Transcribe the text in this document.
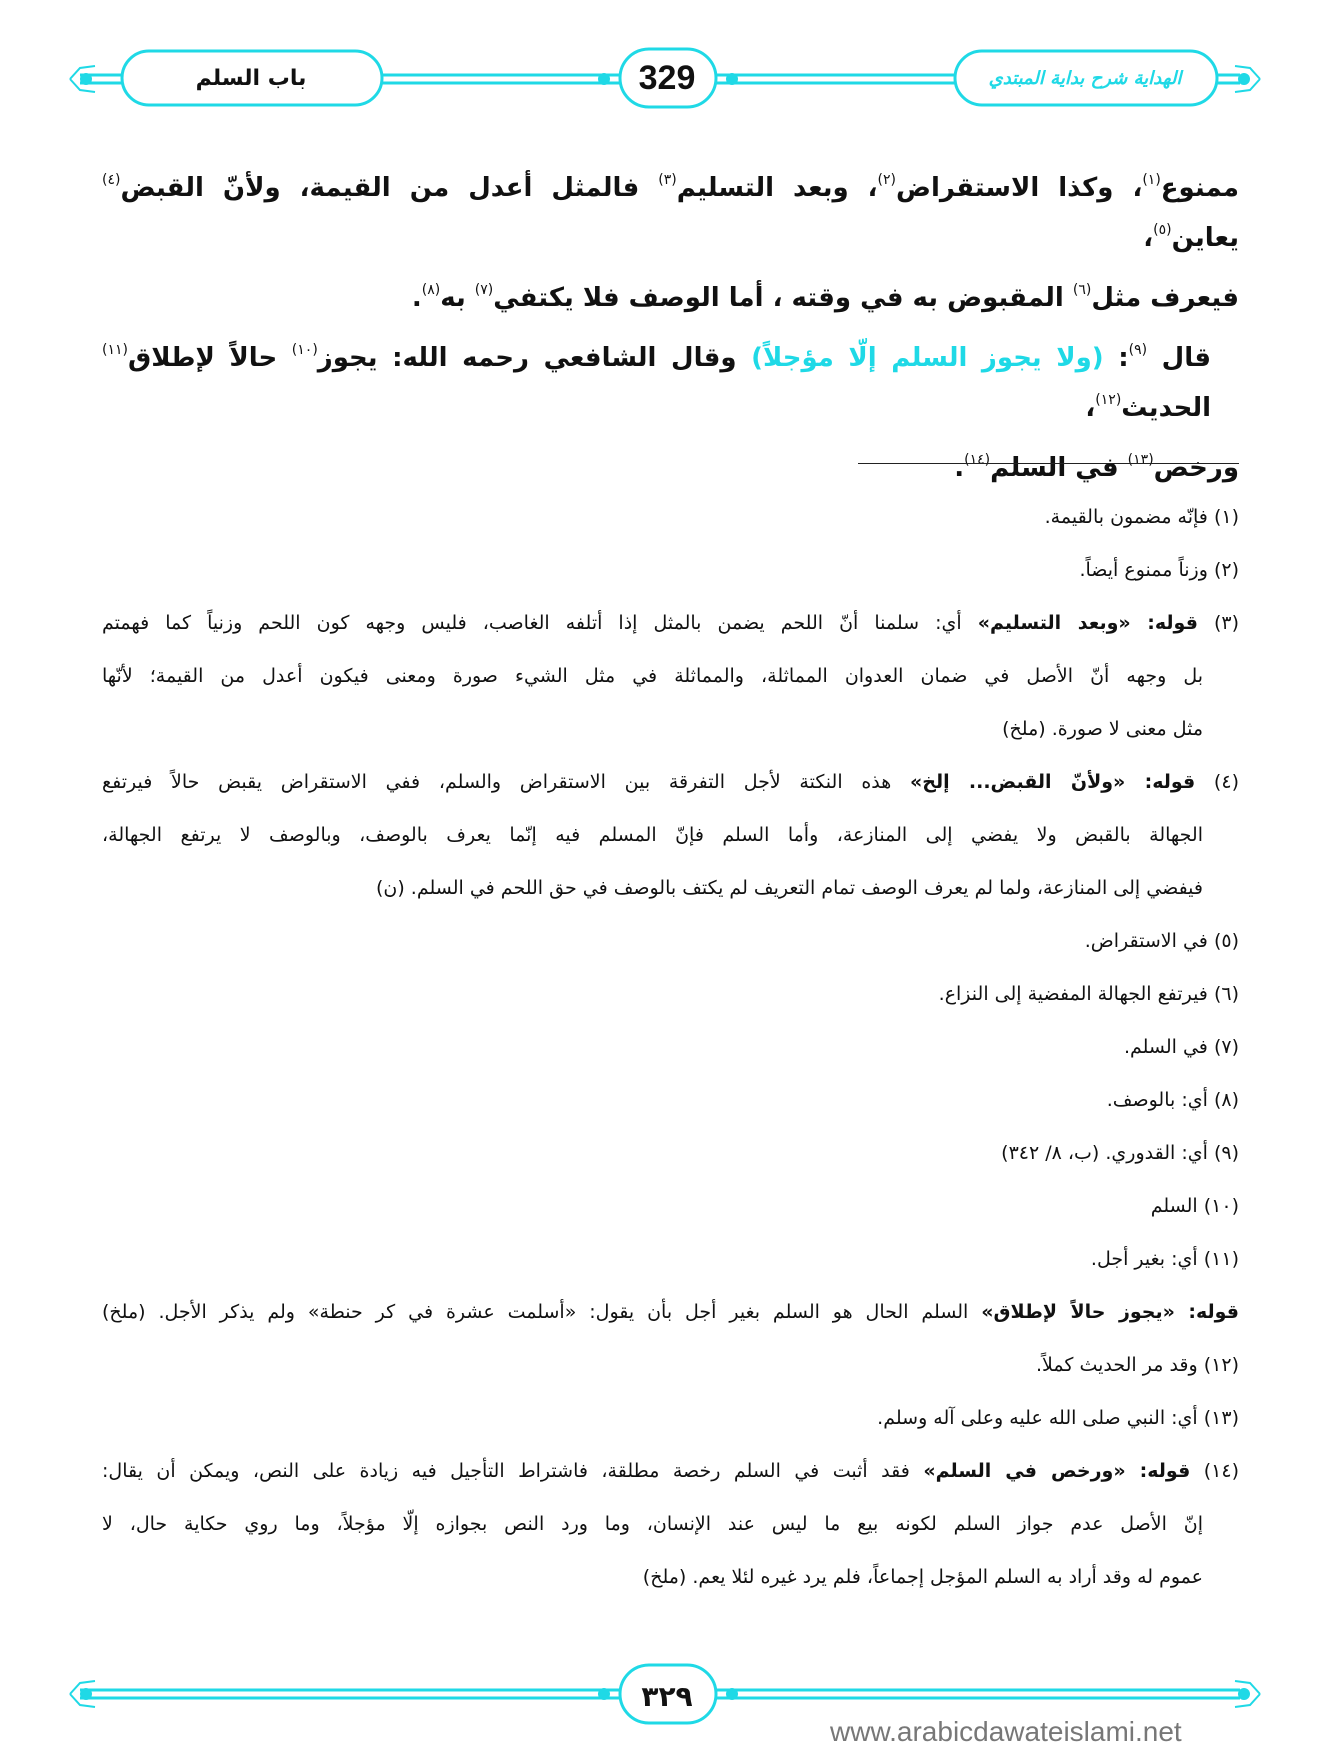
باب السلم	329	الهداية شرح بداية المبتدي
ممنوع$^{(١)}$، وكذا الاستقراض$^{(٢)}$، وبعد التسليم$^{(٣)}$ فالمثل أعدل من القيمة، ولأنّ القبض$^{(٤)}$ يعاين$^{(٥)}$،
فيعرف مثل$^{(٦)}$ المقبوض به في وقته ، أما الوصف فلا يكتفي$^{(٧)}$ به$^{(٨)}$.
قال $^{(٩)}$: (ولا يجوز السلم إلّا مؤجلاً) وقال الشافعي رحمه الله: يجوز$^{(١٠)}$ حالاً لإطلاق$^{(١١)}$ الحديث$^{(١٢)}$،
ورخص$^{(١٣)}$ في السلم$^{(١٤)}$.
(١) فإنّه مضمون بالقيمة.
(٢) وزناً ممنوع أيضاً.
(٣) قوله: «وبعد التسليم» أي: سلمنا أنّ اللحم يضمن بالمثل إذا أتلفه الغاصب، فليس وجهه كون اللحم وزنياً كما فهمتم
بل وجهه أنّ الأصل في ضمان العدوان المماثلة، والمماثلة في مثل الشيء صورة ومعنى فيكون أعدل من القيمة؛ لأنّها
مثل معنى لا صورة. (ملخ)
(٤) قوله: «ولأنّ القبض... إلخ» هذه النكتة لأجل التفرقة بين الاستقراض والسلم، ففي الاستقراض يقبض حالاً فيرتفع
الجهالة بالقبض ولا يفضي إلى المنازعة، وأما السلم فإنّ المسلم فيه إنّما يعرف بالوصف، وبالوصف لا يرتفع الجهالة،
فيفضي إلى المنازعة، ولما لم يعرف الوصف تمام التعريف لم يكتف بالوصف في حق اللحم في السلم. (ن)
(٥) في الاستقراض.
(٦) فيرتفع الجهالة المفضية إلى النزاع.
(٧) في السلم.
(٨) أي: بالوصف.
(٩) أي: القدوري. (ب، ٨/ ٣٤٢)
(١٠) السلم
(١١) أي: بغير أجل.
قوله: «يجوز حالاً لإطلاق» السلم الحال هو السلم بغير أجل بأن يقول: «أسلمت عشرة في كر حنطة» ولم يذكر الأجل. (ملخ)
(١٢) وقد مر الحديث كملاً.
(١٣) أي: النبي صلى الله عليه وعلى آله وسلم.
(١٤) قوله: «ورخص في السلم» فقد أثبت في السلم رخصة مطلقة، فاشتراط التأجيل فيه زيادة على النص، ويمكن أن يقال:
إنّ الأصل عدم جواز السلم لكونه بيع ما ليس عند الإنسان، وما ورد النص بجوازه إلّا مؤجلاً، وما روي حكاية حال، لا
عموم له وقد أراد به السلم المؤجل إجماعاً، فلم يرد غيره لئلا يعم. (ملخ)
٣٢٩
www.arabicdawateislami.net
